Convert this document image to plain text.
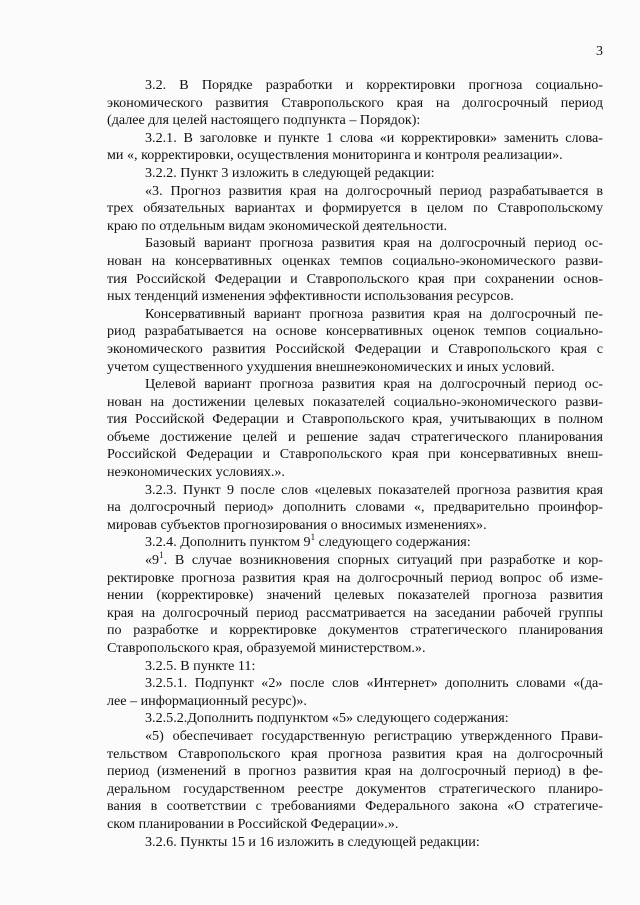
3
3.2. В Порядке разработки и корректировки прогноза социально-
экономического развития Ставропольского края на долгосрочный период
(далее для целей настоящего подпункта – Порядок):
3.2.1. В заголовке и пункте 1 слова «и корректировки» заменить слова-
ми «, корректировки, осуществления мониторинга и контроля реализации».
3.2.2. Пункт 3 изложить в следующей редакции:
«3. Прогноз развития края на долгосрочный период разрабатывается в
трех обязательных вариантах и формируется в целом по Ставропольскому
краю по отдельным видам экономической деятельности.
Базовый вариант прогноза развития края на долгосрочный период ос-
нован на консервативных оценках темпов социально-экономического разви-
тия Российской Федерации и Ставропольского края при сохранении основ-
ных тенденций изменения эффективности использования ресурсов.
Консервативный вариант прогноза развития края на долгосрочный пе-
риод разрабатывается на основе консервативных оценок темпов социально-
экономического развития Российской Федерации и Ставропольского края с
учетом существенного ухудшения внешнеэкономических и иных условий.
Целевой вариант прогноза развития края на долгосрочный период ос-
нован на достижении целевых показателей социально-экономического разви-
тия Российской Федерации и Ставропольского края, учитывающих в полном
объеме достижение целей и решение задач стратегического планирования
Российской Федерации и Ставропольского края при консервативных внеш-
неэкономических условиях.».
3.2.3. Пункт 9 после слов «целевых показателей прогноза развития края
на долгосрочный период» дополнить словами «, предварительно проинфор-
мировав субъектов прогнозирования о вносимых изменениях».
3.2.4. Дополнить пунктом $9^1$ следующего содержания:
«$9^1$. В случае возникновения спорных ситуаций при разработке и кор-
ректировке прогноза развития края на долгосрочный период вопрос об изме-
нении (корректировке) значений целевых показателей прогноза развития
края на долгосрочный период рассматривается на заседании рабочей группы
по разработке и корректировке документов стратегического планирования
Ставропольского края, образуемой министерством.».
3.2.5. В пункте 11:
3.2.5.1. Подпункт «2» после слов «Интернет» дополнить словами «(да-
лее – информационный ресурс)».
3.2.5.2.Дополнить подпунктом «5» следующего содержания:
«5) обеспечивает государственную регистрацию утвержденного Прави-
тельством Ставропольского края прогноза развития края на долгосрочный
период (изменений в прогноз развития края на долгосрочный период) в фе-
деральном государственном реестре документов стратегического планиро-
вания в соответствии с требованиями Федерального закона «О стратегиче-
ском планировании в Российской Федерации».».
3.2.6. Пункты 15 и 16 изложить в следующей редакции:
